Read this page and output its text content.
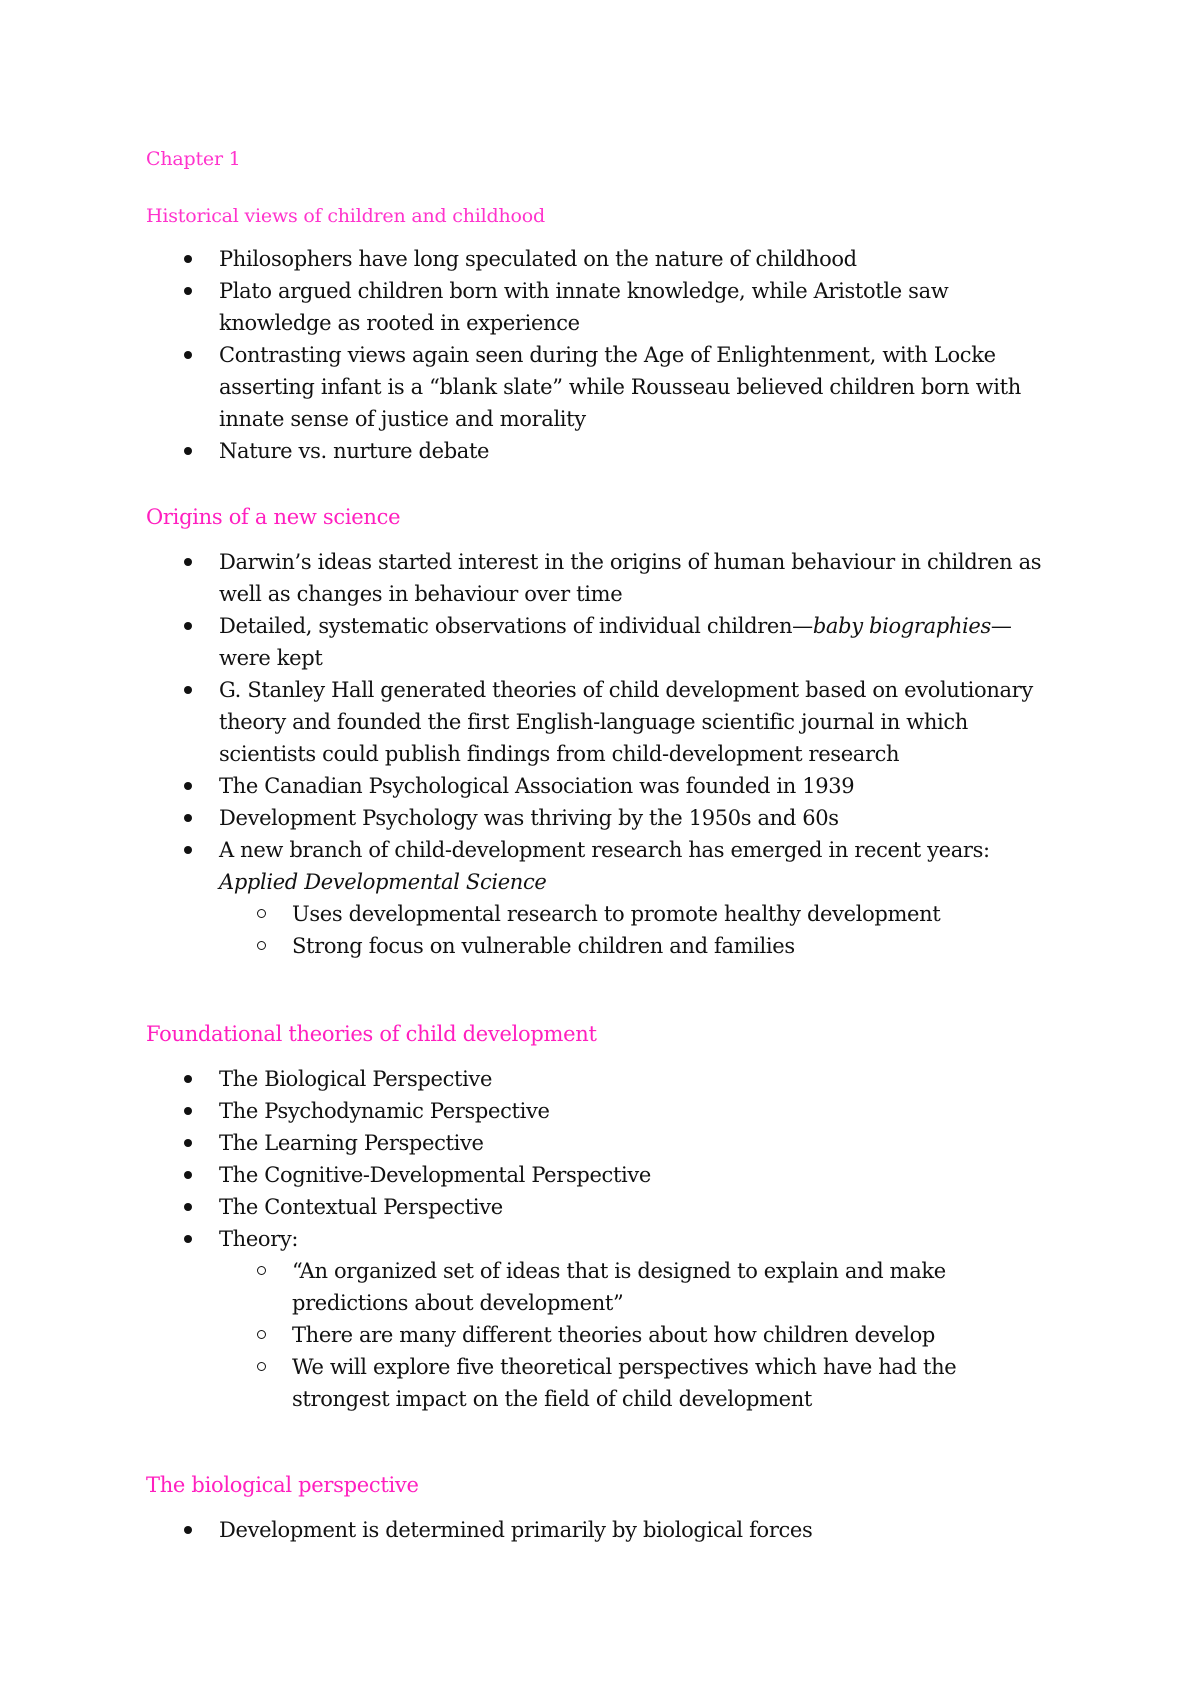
Chapter 1
Historical views of children and childhood
Philosophers have long speculated on the nature of childhood
Plato argued children born with innate knowledge, while Aristotle saw knowledge as rooted in experience
Contrasting views again seen during the Age of Enlightenment, with Locke asserting infant is a “blank slate” while Rousseau believed children born with innate sense of justice and morality
Nature vs. nurture debate
Origins of a new science
Darwin’s ideas started interest in the origins of human behaviour in children as well as changes in behaviour over time
Detailed, systematic observations of individual children—baby biographies—were kept
G. Stanley Hall generated theories of child development based on evolutionary theory and founded the first English-language scientific journal in which scientists could publish findings from child-development research
The Canadian Psychological Association was founded in 1939
Development Psychology was thriving by the 1950s and 60s
A new branch of child-development research has emerged in recent years: Applied Developmental Science
Uses developmental research to promote healthy development
Strong focus on vulnerable children and families
Foundational theories of child development
The Biological Perspective
The Psychodynamic Perspective
The Learning Perspective
The Cognitive-Developmental Perspective
The Contextual Perspective
Theory:
“An organized set of ideas that is designed to explain and make predictions about development”
There are many different theories about how children develop
We will explore five theoretical perspectives which have had the strongest impact on the field of child development
The biological perspective
Development is determined primarily by biological forces
